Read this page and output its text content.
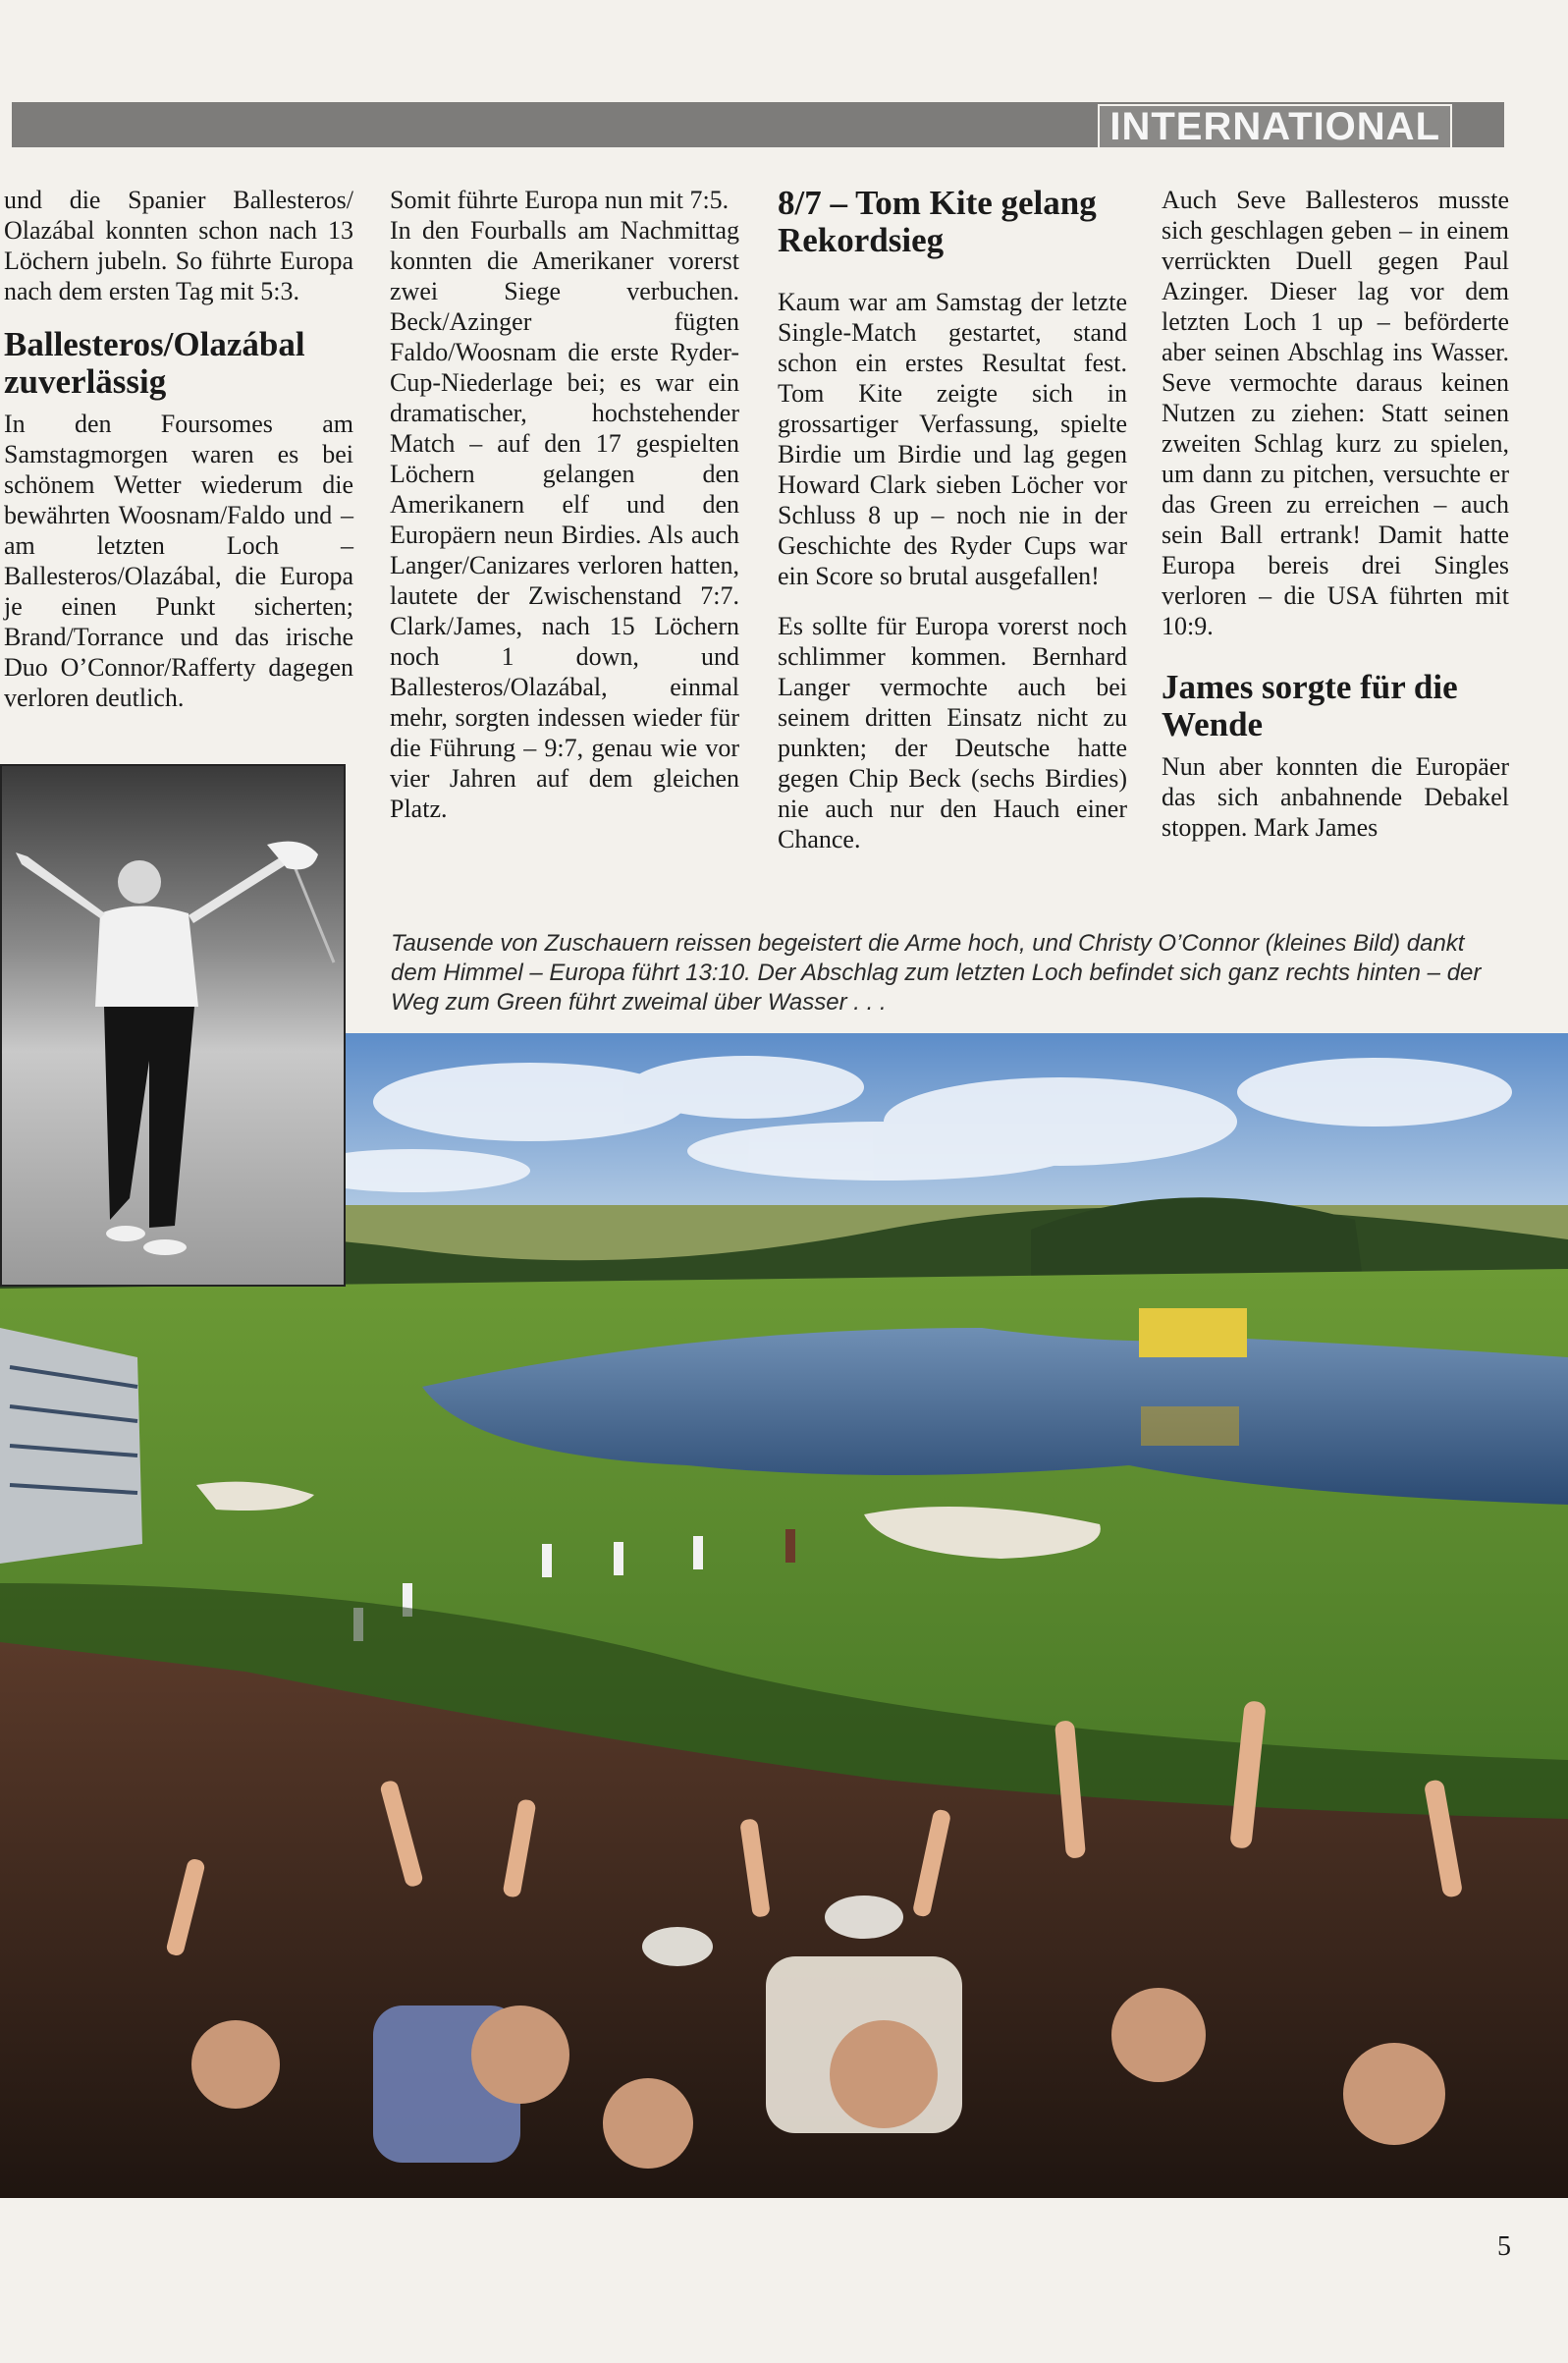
INTERNATIONAL

und die Spanier Ballesteros/ Olazábal konnten schon nach 13 Löchern jubeln. So führte Europa nach dem ersten Tag mit 5:3.

Ballesteros/Olazábal zuverlässig

In den Foursomes am Samstagmorgen waren es bei schönem Wetter wiederum die bewährten Woosnam/Faldo und – am letzten Loch – Ballesteros/Olazábal, die Europa je einen Punkt sicherten; Brand/Torrance und das irische Duo O’Connor/Rafferty dagegen verloren deutlich.

Somit führte Europa nun mit 7:5.

In den Fourballs am Nachmittag konnten die Amerikaner vorerst zwei Siege verbuchen. Beck/Azinger fügten Faldo/Woosnam die erste Ryder-Cup-Niederlage bei; es war ein dramatischer, hochstehender Match – auf den 17 gespielten Löchern gelangen den Amerikanern elf und den Europäern neun Birdies. Als auch Langer/Canizares verloren hatten, lautete der Zwischenstand 7:7. Clark/James, nach 15 Löchern noch 1 down, und Ballesteros/Olazábal, einmal mehr, sorgten indessen wieder für die Führung – 9:7, genau wie vor vier Jahren auf dem gleichen Platz.

8/7 – Tom Kite gelang Rekordsieg

Kaum war am Samstag der letzte Single-Match gestartet, stand schon ein erstes Resultat fest. Tom Kite zeigte sich in grossartiger Verfassung, spielte Birdie um Birdie und lag gegen Howard Clark sieben Löcher vor Schluss 8 up – noch nie in der Geschichte des Ryder Cups war ein Score so brutal ausgefallen!

Es sollte für Europa vorerst noch schlimmer kommen. Bernhard Langer vermochte auch bei seinem dritten Einsatz nicht zu punkten; der Deutsche hatte gegen Chip Beck (sechs Birdies) nie auch nur den Hauch einer Chance.

Auch Seve Ballesteros musste sich geschlagen geben – in einem verrückten Duell gegen Paul Azinger. Dieser lag vor dem letzten Loch 1 up – beförderte aber seinen Abschlag ins Wasser. Seve vermochte daraus keinen Nutzen zu ziehen: Statt seinen zweiten Schlag kurz zu spielen, um dann zu pitchen, versuchte er das Green zu erreichen – auch sein Ball ertrank! Damit hatte Europa bereis drei Singles verloren – die USA führten mit 10:9.

James sorgte für die Wende

Nun aber konnten die Europäer das sich anbahnende Debakel stoppen. Mark James

Tausende von Zuschauern reissen begeistert die Arme hoch, und Christy O’Connor (kleines Bild) dankt dem Himmel – Europa führt 13:10. Der Abschlag zum letzten Loch befindet sich ganz rechts hinten – der Weg zum Green führt zweimal über Wasser . . .
5
